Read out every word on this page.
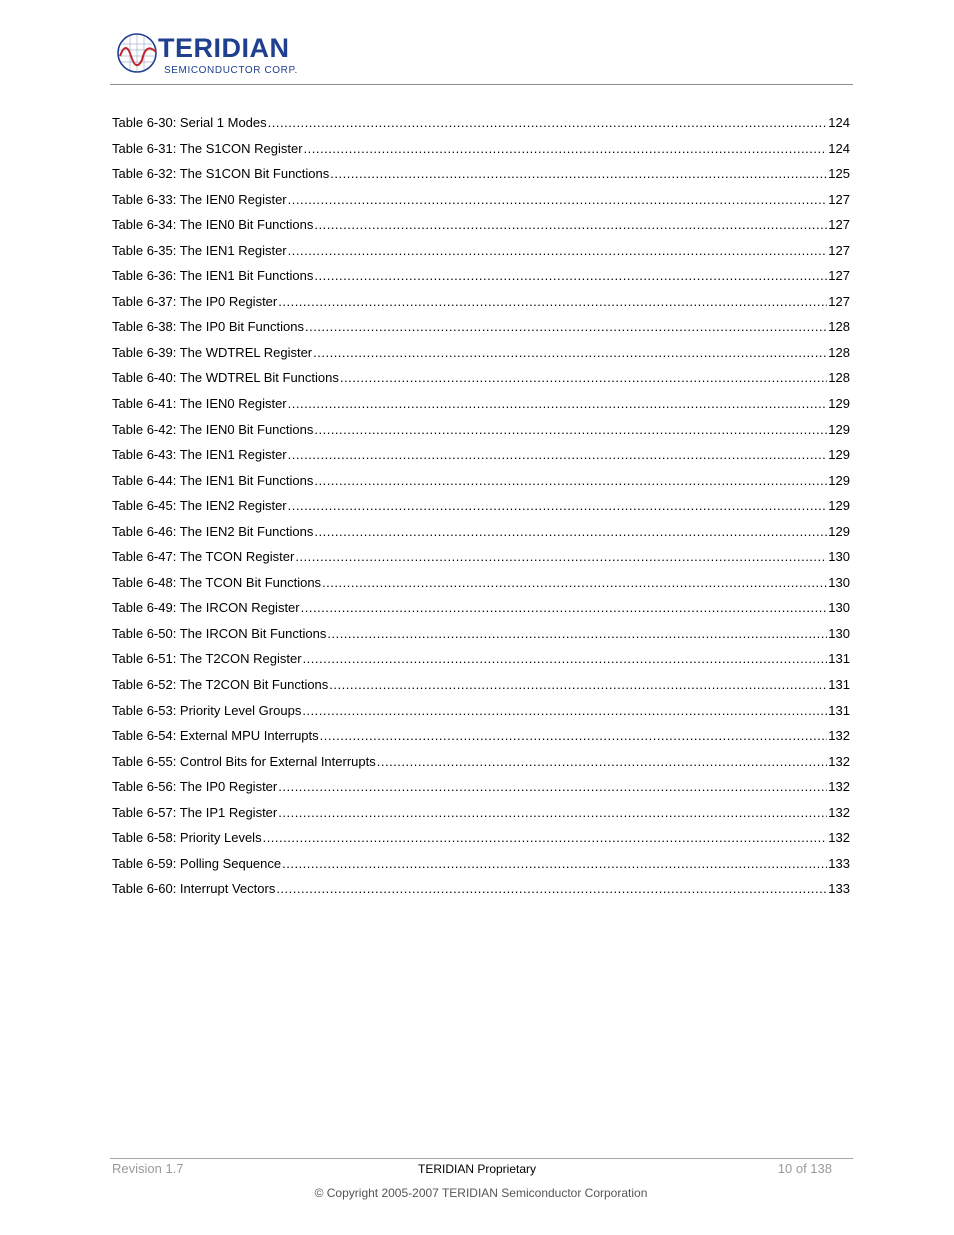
TERIDIAN
SEMICONDUCTOR CORP.
Table 6-30: Serial 1 Modes .....	124
Table 6-31: The S1CON Register .....	124
Table 6-32: The S1CON Bit Functions .....	125
Table 6-33: The IEN0 Register .....	127
Table 6-34: The IEN0 Bit Functions .....	127
Table 6-35: The IEN1 Register .....	127
Table 6-36: The IEN1 Bit Functions .....	127
Table 6-37: The IP0 Register .....	127
Table 6-38: The IP0 Bit Functions .....	128
Table 6-39: The WDTREL Register .....	128
Table 6-40: The WDTREL Bit Functions .....	128
Table 6-41: The IEN0 Register .....	129
Table 6-42: The IEN0 Bit Functions .....	129
Table 6-43: The IEN1 Register .....	129
Table 6-44: The IEN1 Bit Functions .....	129
Table 6-45: The IEN2 Register .....	129
Table 6-46: The IEN2 Bit Functions .....	129
Table 6-47: The TCON Register .....	130
Table 6-48: The TCON Bit Functions .....	130
Table 6-49: The IRCON Register .....	130
Table 6-50: The IRCON Bit Functions .....	130
Table 6-51: The T2CON Register .....	131
Table 6-52: The T2CON Bit Functions .....	131
Table 6-53: Priority Level Groups .....	131
Table 6-54: External MPU Interrupts .....	132
Table 6-55: Control Bits for External Interrupts .....	132
Table 6-56: The IP0 Register .....	132
Table 6-57: The IP1 Register .....	132
Table 6-58: Priority Levels .....	132
Table 6-59: Polling Sequence .....	133
Table 6-60: Interrupt Vectors .....	133
Revision 1.7	TERIDIAN Proprietary	10 of 138
© Copyright 2005-2007 TERIDIAN Semiconductor Corporation
